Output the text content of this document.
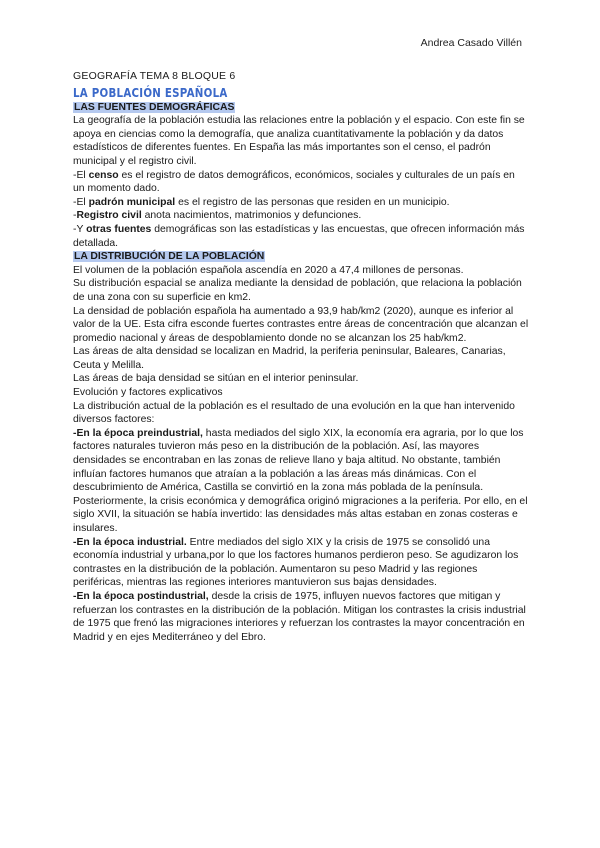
Andrea Casado Villén
GEOGRAFÍA TEMA 8 BLOQUE 6
LA POBLACIÓN ESPAÑOLA
LAS FUENTES DEMOGRÁFICAS

La geografía de la población estudia las relaciones entre la población y el espacio. Con este fin se apoya en ciencias como la demografía, que analiza cuantitativamente la población y da datos estadísticos de diferentes fuentes. En España las más importantes son el censo, el padrón municipal y el registro civil.

-El censo es el registro de datos demográficos, económicos, sociales y culturales de un país en un momento dado.

-El padrón municipal es el registro de las personas que residen en un municipio.

-Registro civil anota nacimientos, matrimonios y defunciones.

-Y otras fuentes demográficas son las estadísticas y las encuestas, que ofrecen información más detallada.

LA DISTRIBUCIÓN DE LA POBLACIÓN

El volumen de la población española ascendía en 2020 a 47,4 millones de personas.

Su distribución espacial se analiza mediante la densidad de población, que relaciona la población de una zona con su superficie en km2.

La densidad de población española ha aumentado a 93,9 hab/km2 (2020), aunque es inferior al valor de la UE. Esta cifra esconde fuertes contrastes entre áreas de concentración que alcanzan el promedio nacional y áreas de despoblamiento donde no se alcanzan los 25 hab/km2.

Las áreas de alta densidad se localizan en Madrid, la periferia peninsular, Baleares, Canarias, Ceuta y Melilla.

Las áreas de baja densidad se sitúan en el interior peninsular.

Evolución y factores explicativos

La distribución actual de la población es el resultado de una evolución en la que han intervenido diversos factores:

-En la época preindustrial, hasta mediados del siglo XIX, la economía era agraria, por lo que los factores naturales tuvieron más peso en la distribución de la población. Así, las mayores densidades se encontraban en las zonas de relieve llano y baja altitud. No obstante, también influían factores humanos que atraían a la población a las áreas más dinámicas. Con el descubrimiento de América, Castilla se convirtió en la zona más poblada de la península. Posteriormente, la crisis económica y demográfica originó migraciones a la periferia. Por ello, en el siglo XVII, la situación se había invertido: las densidades más altas estaban en zonas costeras e insulares.

-En la época industrial. Entre mediados del siglo XIX y la crisis de 1975 se consolidó una economía industrial y urbana,por lo que los factores humanos perdieron peso. Se agudizaron los contrastes en la distribución de la población. Aumentaron su peso Madrid y las regiones periféricas, mientras las regiones interiores mantuvieron sus bajas densidades.

-En la época postindustrial, desde la crisis de 1975, influyen nuevos factores que mitigan y refuerzan los contrastes en la distribución de la población. Mitigan los contrastes la crisis industrial de 1975 que frenó las migraciones interiores y refuerzan los contrastes la mayor concentración en Madrid y en ejes Mediterráneo y del Ebro.
